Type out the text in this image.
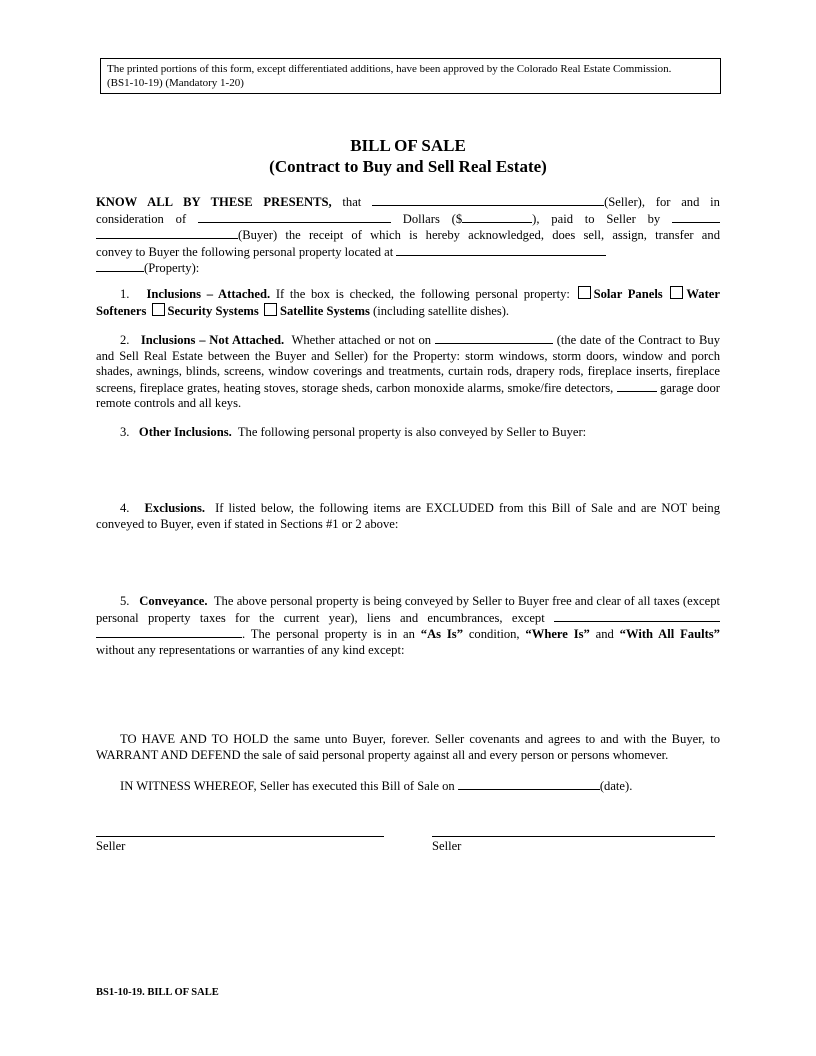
The printed portions of this form, except differentiated additions, have been approved by the Colorado Real Estate Commission.
(BS1-10-19) (Mandatory 1-20)
BILL OF SALE
(Contract to Buy and Sell Real Estate)
KNOW ALL BY THESE PRESENTS, that	(Seller), for and in
consideration of	Dollars ($	), paid to Seller by
(Buyer) the receipt of which is hereby acknowledged, does sell, assign, transfer and
convey to Buyer the following personal property located at
(Property):
1. Inclusions – Attached. If the box is checked, the following personal property: Solar Panels Water Softeners Security Systems Satellite Systems (including satellite dishes).
2. Inclusions – Not Attached. Whether attached or not on	(the date of the Contract to Buy and Sell Real Estate between the Buyer and Seller) for the Property: storm windows, storm doors, window and porch shades, awnings, blinds, screens, window coverings and treatments, curtain rods, drapery rods, fireplace inserts, fireplace screens, fireplace grates, heating stoves, storage sheds, carbon monoxide alarms, smoke/fire detectors,	garage door remote controls and all keys.
3. Other Inclusions. The following personal property is also conveyed by Seller to Buyer:
4. Exclusions. If listed below, the following items are EXCLUDED from this Bill of Sale and are NOT being conveyed to Buyer, even if stated in Sections #1 or 2 above:
5. Conveyance. The above personal property is being conveyed by Seller to Buyer free and clear of all taxes (except personal property taxes for the current year), liens and encumbrances, except  . The personal property is in an “As Is” condition, “Where Is” and “With All Faults” without any representations or warranties of any kind except:
TO HAVE AND TO HOLD the same unto Buyer, forever. Seller covenants and agrees to and with the Buyer, to WARRANT AND DEFEND the sale of said personal property against all and every person or persons whomever.
IN WITNESS WHEREOF, Seller has executed this Bill of Sale on	(date).
Seller	Seller
BS1-10-19. BILL OF SALE
